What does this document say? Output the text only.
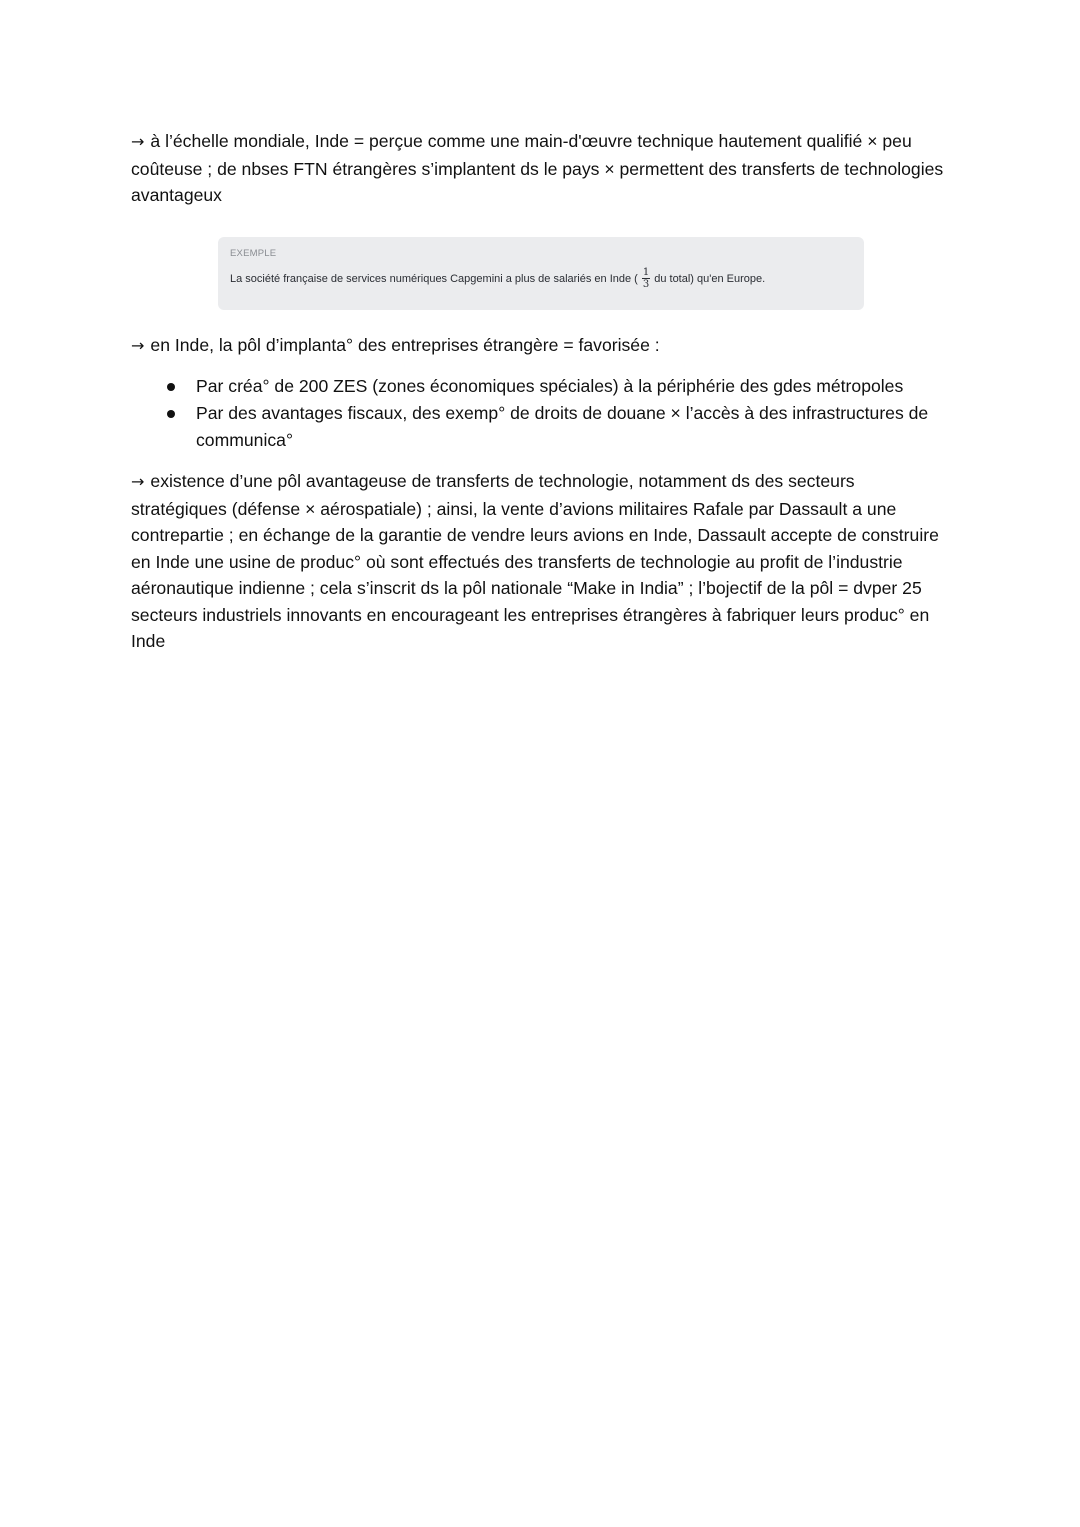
→ à l’échelle mondiale, Inde = perçue comme une main-d'œuvre technique hautement qualifié × peu coûteuse ; de nbses FTN étrangères s’implantent ds le pays × permettent des transferts de technologies avantageux

EXEMPLE
La société française de services numériques Capgemini a plus de salariés en Inde ( $\frac{1}{3}$ du total) qu'en Europe.

→ en Inde, la pôl d’implanta° des entreprises étrangère = favorisée :

Par créa° de 200 ZES (zones économiques spéciales) à la périphérie des gdes métropoles
Par des avantages fiscaux, des exemp° de droits de douane × l’accès à des infrastructures de communica°

→ existence d’une pôl avantageuse de transferts de technologie, notamment ds des secteurs stratégiques (défense × aérospatiale) ; ainsi, la vente d’avions militaires Rafale par Dassault a une contrepartie ; en échange de la garantie de vendre leurs avions en Inde, Dassault accepte de construire en Inde une usine de produc° où sont effectués des transferts de technologie au profit de l’industrie aéronautique indienne ; cela s’inscrit ds la pôl nationale “Make in India” ; l’bojectif de la pôl = dvper 25 secteurs industriels innovants en encourageant les entreprises étrangères à fabriquer leurs produc° en Inde
